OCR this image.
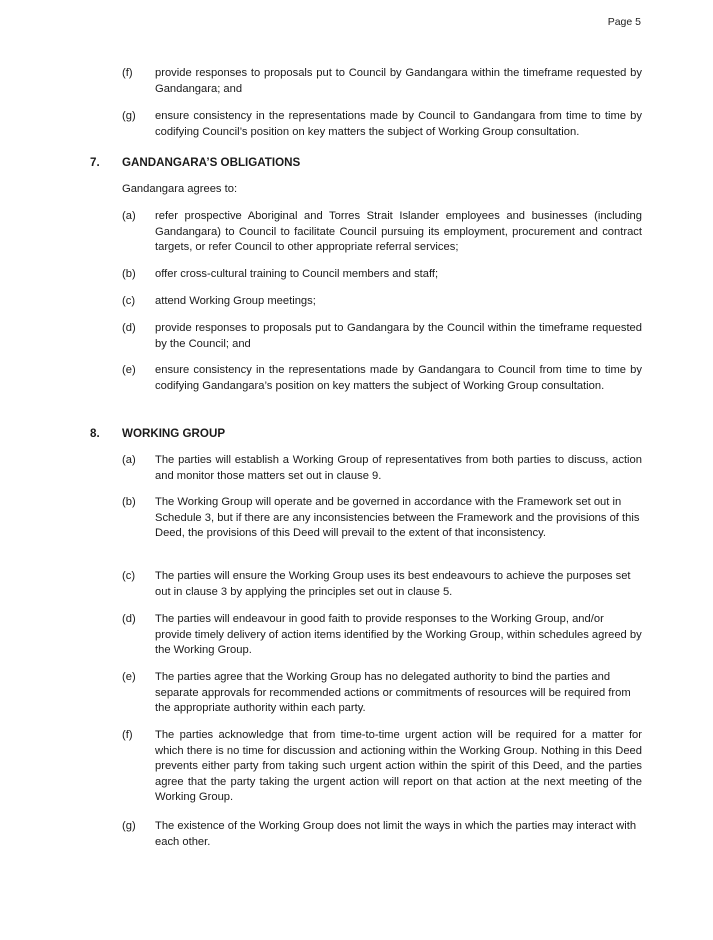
Page 5
(f)	provide responses to proposals put to Council by Gandangara within the timeframe requested by Gandangara; and
(g)	ensure consistency in the representations made by Council to Gandangara from time to time by codifying Council’s position on key matters the subject of Working Group consultation.
7. GANDANGARA’S OBLIGATIONS
Gandangara agrees to:
(a)	refer prospective Aboriginal and Torres Strait Islander employees and businesses (including Gandangara) to Council to facilitate Council pursuing its employment, procurement and contract targets, or refer Council to other appropriate referral services;
(b)	offer cross-cultural training to Council members and staff;
(c)	attend Working Group meetings;
(d)	provide responses to proposals put to Gandangara by the Council within the timeframe requested by the Council; and
(e)	ensure consistency in the representations made by Gandangara to Council from time to time by codifying Gandangara’s position on key matters the subject of Working Group consultation.
8. WORKING GROUP
(a)	The parties will establish a Working Group of representatives from both parties to discuss, action and monitor those matters set out in clause 9.
(b)	The Working Group will operate and be governed in accordance with the Framework set out in Schedule 3, but if there are any inconsistencies between the Framework and the provisions of this Deed, the provisions of this Deed will prevail to the extent of that inconsistency.
(c)	The parties will ensure the Working Group uses its best endeavours to achieve the purposes set out in clause 3 by applying the principles set out in clause 5.
(d)	The parties will endeavour in good faith to provide responses to the Working Group, and/or provide timely delivery of action items identified by the Working Group, within schedules agreed by the Working Group.
(e)	The parties agree that the Working Group has no delegated authority to bind the parties and separate approvals for recommended actions or commitments of resources will be required from the appropriate authority within each party.
(f)	The parties acknowledge that from time-to-time urgent action will be required for a matter for which there is no time for discussion and actioning within the Working Group. Nothing in this Deed prevents either party from taking such urgent action within the spirit of this Deed, and the parties agree that the party taking the urgent action will report on that action at the next meeting of the Working Group.
(g)	The existence of the Working Group does not limit the ways in which the parties may interact with each other.
